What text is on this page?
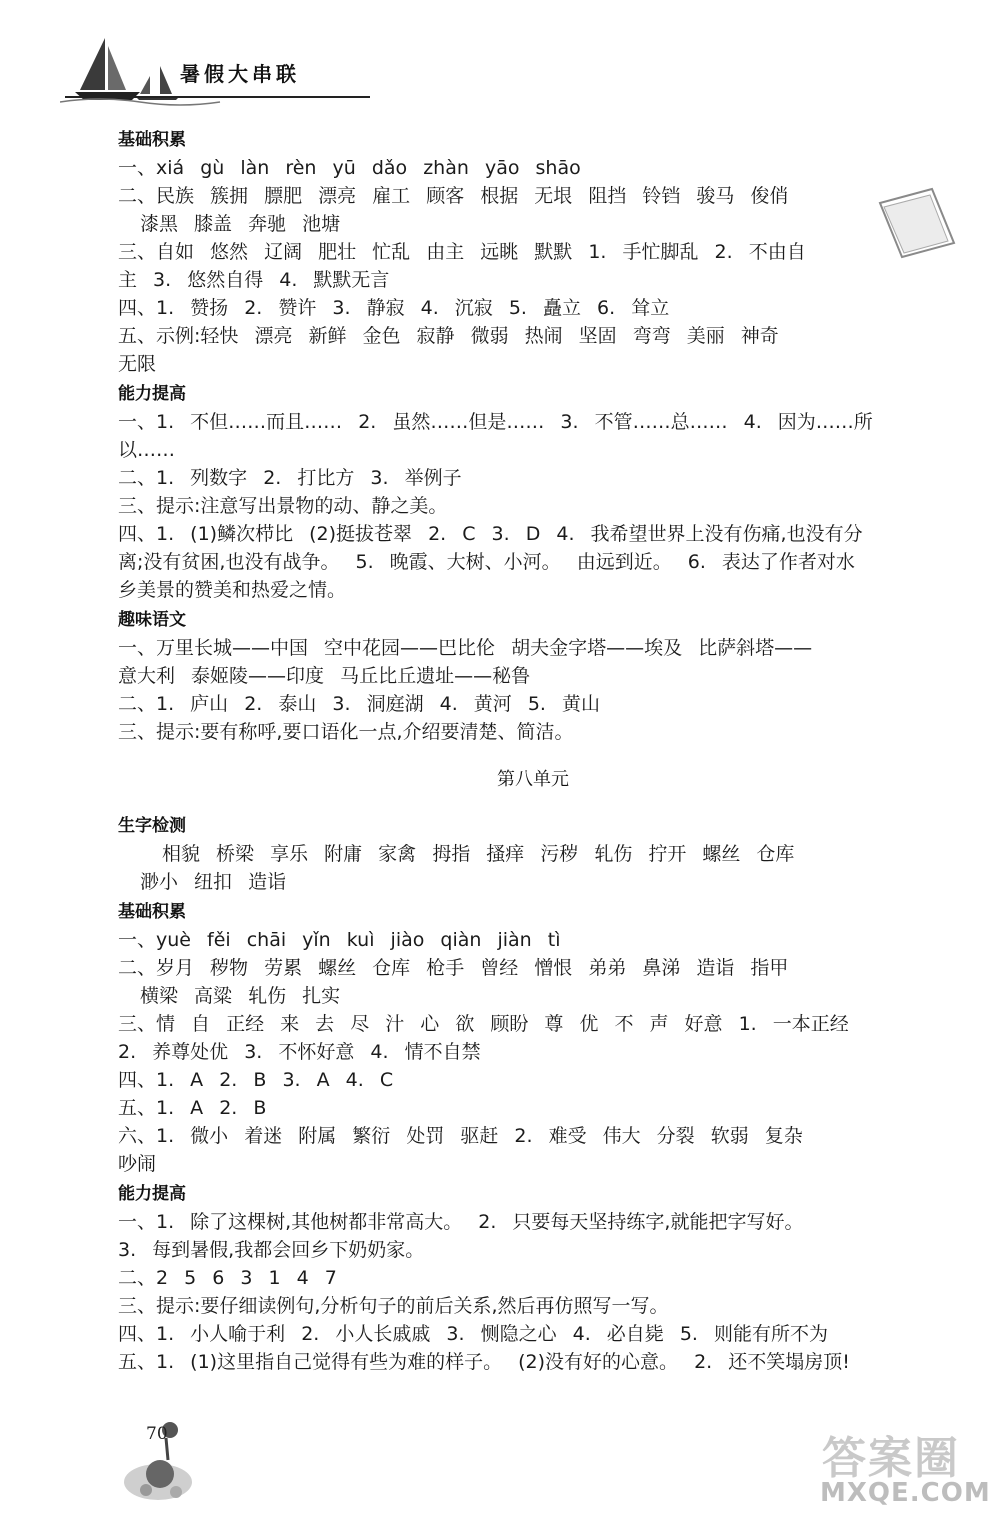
暑假大串联
基础积累
一、xiá gù làn rèn yū dǎo zhàn yāo shāo
二、民族 簇拥 膘肥 漂亮 雇工 顾客 根据 无垠 阻挡 铃铛 骏马 俊俏
漆黑 膝盖 奔驰 池塘
三、自如 悠然 辽阔 肥壮 忙乱 由主 远眺 默默 1. 手忙脚乱 2. 不由自
主 3. 悠然自得 4. 默默无言
四、1. 赞扬 2. 赞许 3. 静寂 4. 沉寂 5. 矗立 6. 耸立
五、示例:轻快 漂亮 新鲜 金色 寂静 微弱 热闹 坚固 弯弯 美丽 神奇
无限
能力提高
一、1. 不但……而且…… 2. 虽然……但是…… 3. 不管……总…… 4. 因为……所
以……
二、1. 列数字 2. 打比方 3. 举例子
三、提示:注意写出景物的动、静之美。
四、1. (1)鳞次栉比 (2)挺拔苍翠 2. C 3. D 4. 我希望世界上没有伤痛,也没有分
离;没有贫困,也没有战争。 5. 晚霞、大树、小河。 由远到近。 6. 表达了作者对水
乡美景的赞美和热爱之情。
趣味语文
一、万里长城——中国 空中花园——巴比伦 胡夫金字塔——埃及 比萨斜塔——
意大利 泰姬陵——印度 马丘比丘遗址——秘鲁
二、1. 庐山 2. 泰山 3. 洞庭湖 4. 黄河 5. 黄山
三、提示:要有称呼,要口语化一点,介绍要清楚、简洁。
第八单元
生字检测
相貌 桥梁 享乐 附庸 家禽 拇指 搔痒 污秽 轧伤 拧开 螺丝 仓库
渺小 纽扣 造诣
基础积累
一、yuè fěi chāi yǐn kuì jiào qiàn jiàn tì
二、岁月 秽物 劳累 螺丝 仓库 枪手 曾经 憎恨 弟弟 鼻涕 造诣 指甲
横梁 高粱 轧伤 扎实
三、情 自 正经 来 去 尽 汁 心 欲 顾盼 尊 优 不 声 好意 1. 一本正经
2. 养尊处优 3. 不怀好意 4. 情不自禁
四、1. A 2. B 3. A 4. C
五、1. A 2. B
六、1. 微小 着迷 附属 繁衍 处罚 驱赶 2. 难受 伟大 分裂 软弱 复杂
吵闹
能力提高
一、1. 除了这棵树,其他树都非常高大。 2. 只要每天坚持练字,就能把字写好。
3. 每到暑假,我都会回乡下奶奶家。
二、2 5 6 3 1 4 7
三、提示:要仔细读例句,分析句子的前后关系,然后再仿照写一写。
四、1. 小人喻于利 2. 小人长戚戚 3. 恻隐之心 4. 必自毙 5. 则能有所不为
五、1. (1)这里指自己觉得有些为难的样子。 (2)没有好的心意。 2. 还不笑塌房顶!
70	答案圈
MXQE.COM
